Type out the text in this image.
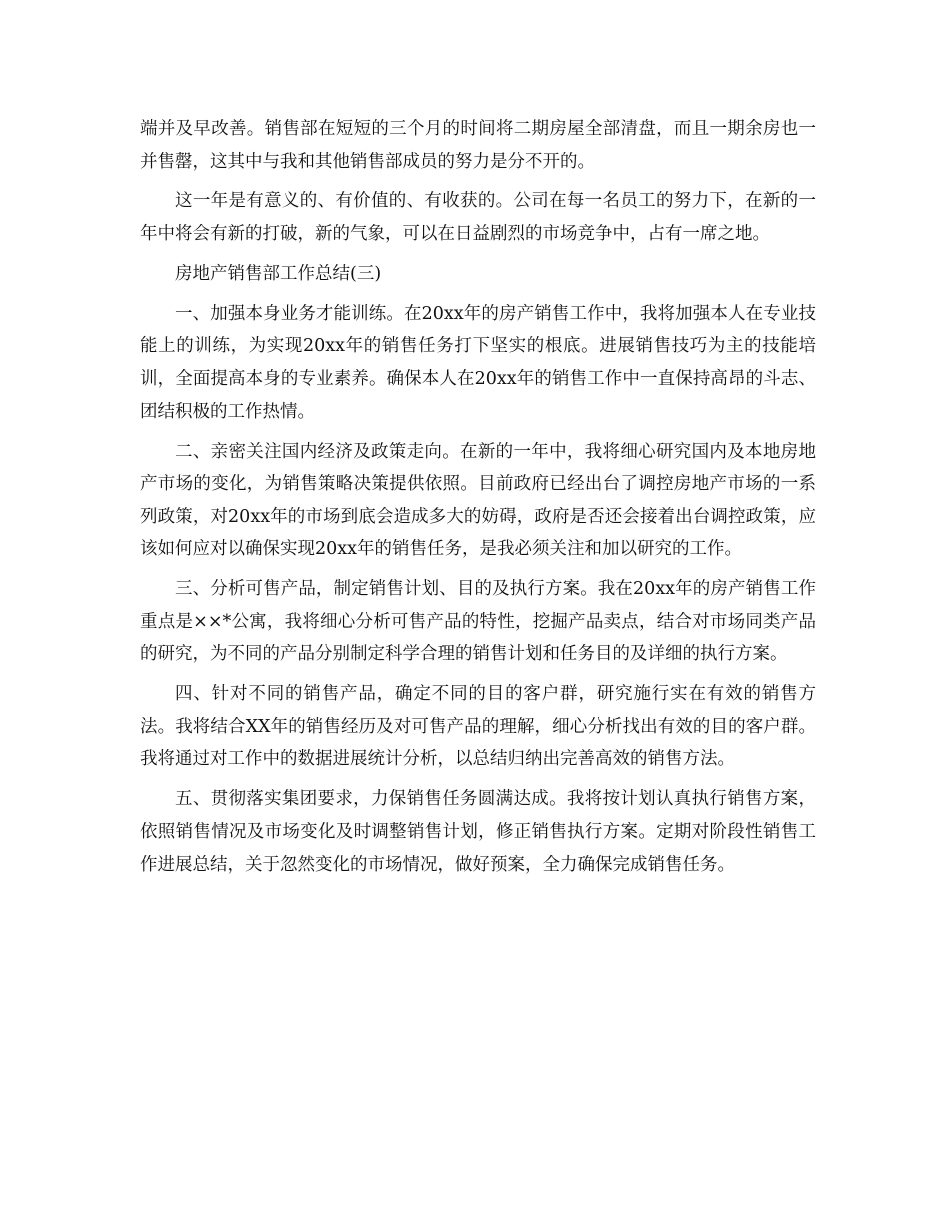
端并及早改善。销售部在短短的三个月的时间将二期房屋全部清盘，而且一期余房也一并售罄，这其中与我和其他销售部成员的努力是分不开的。

这一年是有意义的、有价值的、有收获的。公司在每一名员工的努力下，在新的一年中将会有新的打破，新的气象，可以在日益剧烈的市场竞争中，占有一席之地。

房地产销售部工作总结(三)

一、加强本身业务才能训练。在20xx年的房产销售工作中，我将加强本人在专业技能上的训练，为实现20xx年的销售任务打下坚实的根底。进展销售技巧为主的技能培训，全面提高本身的专业素养。确保本人在20xx年的销售工作中一直保持高昂的斗志、团结积极的工作热情。

二、亲密关注国内经济及政策走向。在新的一年中，我将细心研究国内及本地房地产市场的变化，为销售策略决策提供依照。目前政府已经出台了调控房地产市场的一系列政策，对20xx年的市场到底会造成多大的妨碍，政府是否还会接着出台调控政策，应该如何应对以确保实现20xx年的销售任务，是我必须关注和加以研究的工作。

三、分析可售产品，制定销售计划、目的及执行方案。我在20xx年的房产销售工作重点是××*公寓，我将细心分析可售产品的特性，挖掘产品卖点，结合对市场同类产品的研究，为不同的产品分别制定科学合理的销售计划和任务目的及详细的执行方案。

四、针对不同的销售产品，确定不同的目的客户群，研究施行实在有效的销售方法。我将结合XX年的销售经历及对可售产品的理解，细心分析找出有效的目的客户群。我将通过对工作中的数据进展统计分析，以总结归纳出完善高效的销售方法。

五、贯彻落实集团要求，力保销售任务圆满达成。我将按计划认真执行销售方案，依照销售情况及市场变化及时调整销售计划，修正销售执行方案。定期对阶段性销售工作进展总结，关于忽然变化的市场情况，做好预案，全力确保完成销售任务。
